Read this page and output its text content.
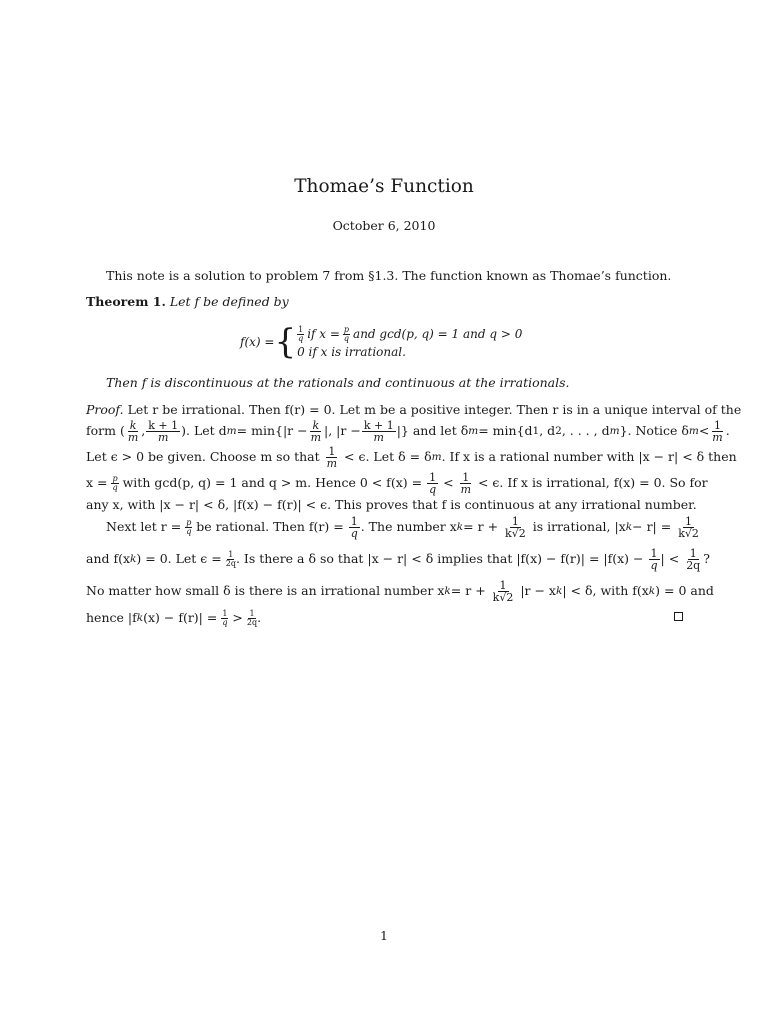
Thomae’s Function
October 6, 2010
This note is a solution to problem 7 from §1.3. The function known as Thomae’s function.
Theorem 1. Let f be defined by
f(x) = { $\frac{1}{q}$ if $x = \frac{p}{q}$ and gcd(p, q) = 1 and q > 0
0 if x is irrational.
Then f is discontinuous at the rationals and continuous at the irrationals.
Proof. Let r be irrational. Then f(r) = 0. Let m be a positive integer. Then r is in a unique interval of the
form ( $\frac{k}{m}$ , $\frac{k + 1}{m}$ ). Let d $m = \min\{|r - \frac{k}{m}$ |, $|r - \frac{k + 1}{m}$ |} and let δ m = min{d 1 , d 2 , . . . , d m }. Notice δ $m < \frac{1}{m}$ .
Let ϵ > 0 be given. Choose m so that
$\frac{1}{m}$
< ϵ. Let δ = δ m . If x is a rational number with |x − r| < δ then
x =
$\frac{p}{q}$
with gcd(p, q) = 1 and q > m. Hence 0 < f(x) =
$\frac{1}{q}$
<
$\frac{1}{m}$
< ϵ. If x is irrational, f(x) = 0. So for
any x, with |x − r| < δ, |f(x) − f(r)| < ϵ. This proves that f is continuous at any irrational number.
Next let r =
$\frac{p}{q}$
be rational. Then f(r) =
$\frac{1}{q}$ . The number x k = r +
$\frac{1}{k√2}$
is irrational, |x k − r| =
$\frac{1}{k√2}$
and f(x k ) = 0. Let ϵ =
$\frac{1}{2q}$ . Is there a δ so that |x − r| < δ implies that |f(x) − f(r)| = |f(x) −
$\frac{1}{q}$ | <
$\frac{1}{2q}$ ?
No matter how small δ is there is an irrational number x k = r +
$\frac{1}{k√2}$
|r − x k | < δ, with f(x k ) = 0 and
hence |f k (x) − f(r)| =
$\frac{1}{q}$
>
$\frac{1}{2q}$ .
1
